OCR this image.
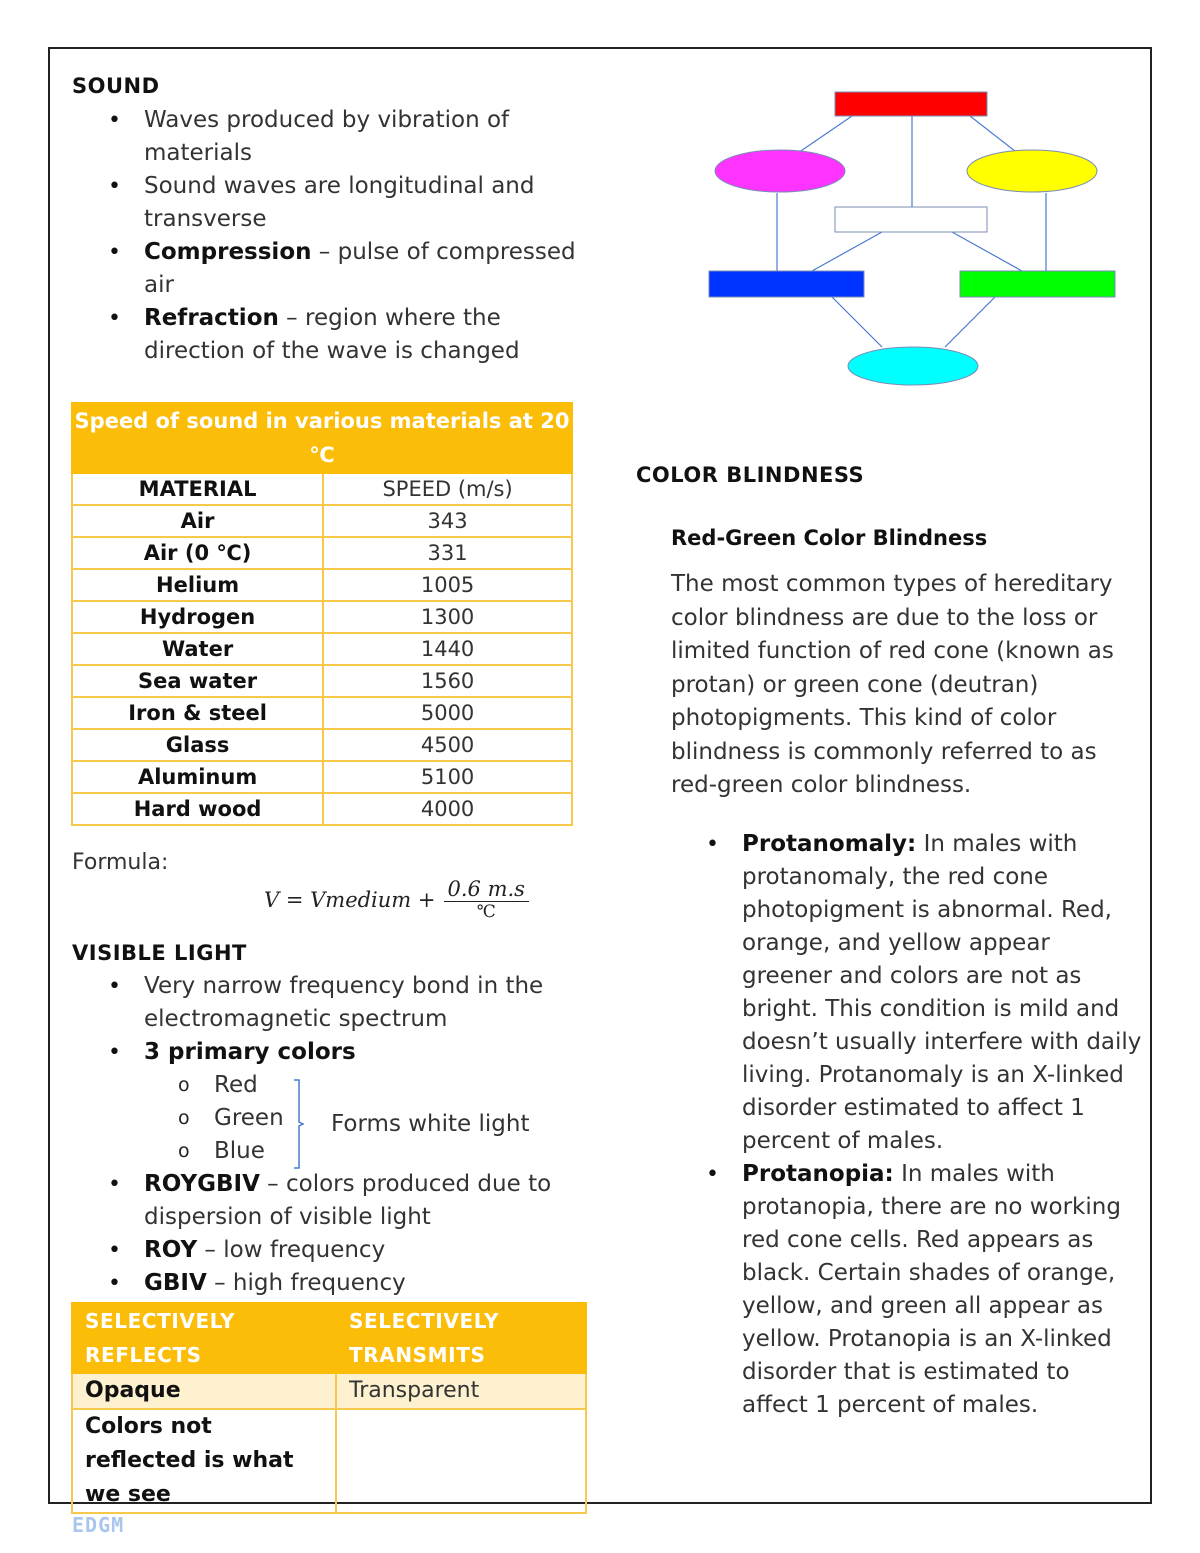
SOUND
• Waves produced by vibration of materials
• Sound waves are longitudinal and transverse
• Compression – pulse of compressed air
• Refraction – region where the direction of the wave is changed
Speed of sound in various materials at 20 ℃	
MATERIAL	SPEED (m/s)
Air	343
Air (0 ℃)	331
Helium	1005
Hydrogen	1300
Water	1440
Sea water	1560
Iron & steel	5000
Glass	4500
Aluminum	5100
Hard wood	4000
Formula:
V = Vmedium + 0.6 m.s
℃
VISIBLE LIGHT
• Very narrow frequency bond in the electromagnetic spectrum
• 3 primary colors
o Red
o Green
o Blue
• ROYGBIV – colors produced due to dispersion of visible light
• ROY – low frequency
• GBIV – high frequency
Forms white light
SELECTIVELY REFLECTS	SELECTIVELY TRANSMITS
Opaque	Transparent
Colors not reflected is what we see	
COLOR BLINDNESS
Red-Green Color Blindness
The most common types of hereditary color blindness are due to the loss or limited function of red cone (known as protan) or green cone (deutran) photopigments. This kind of color blindness is commonly referred to as red-green color blindness.
• Protanomaly: In males with protanomaly, the red cone photopigment is abnormal. Red, orange, and yellow appear greener and colors are not as bright. This condition is mild and doesn’t usually interfere with daily living. Protanomaly is an X-linked disorder estimated to affect 1 percent of males.
• Protanopia: In males with protanopia, there are no working red cone cells. Red appears as black. Certain shades of orange, yellow, and green all appear as yellow. Protanopia is an X-linked disorder that is estimated to affect 1 percent of males.
EDGM
